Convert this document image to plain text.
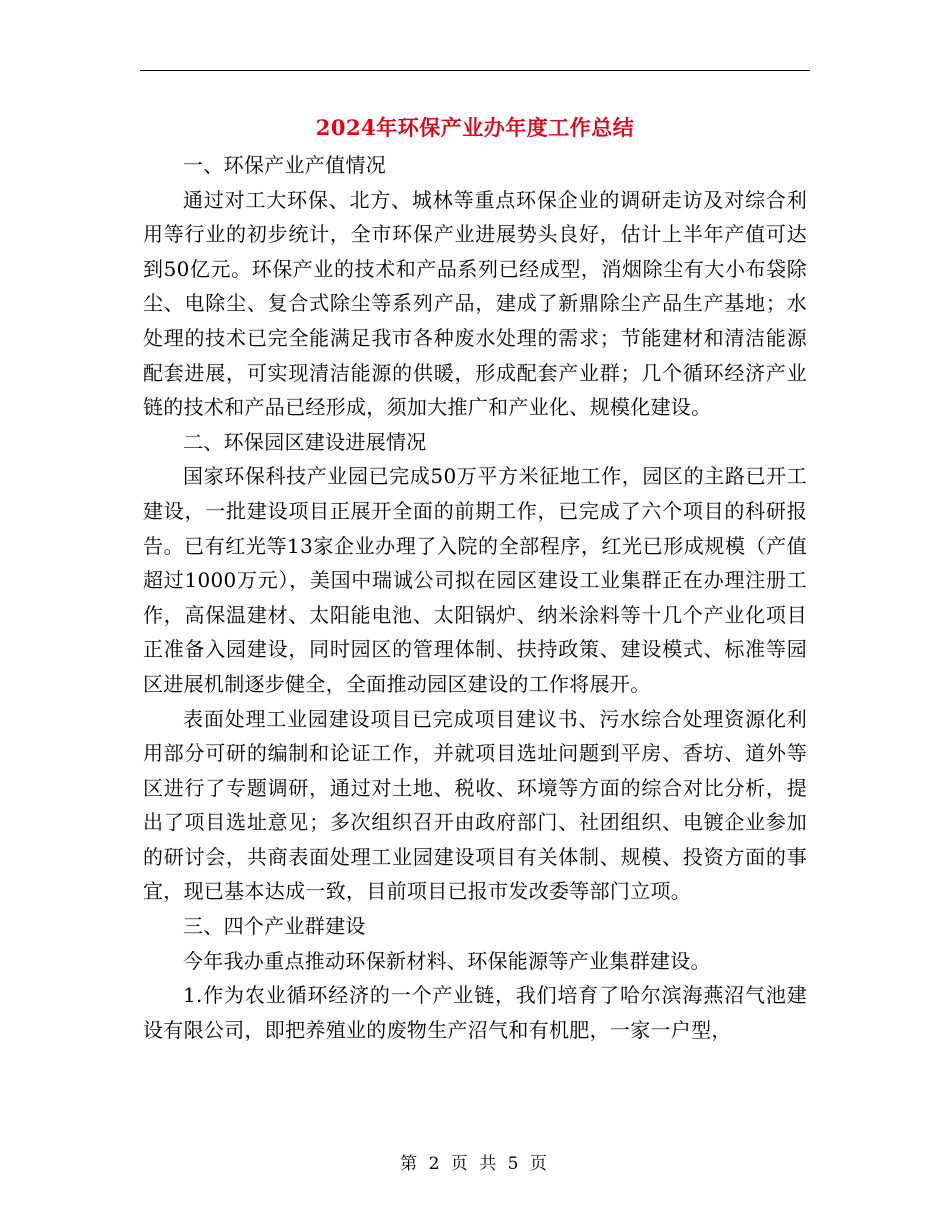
2024年环保产业办年度工作总结

一、环保产业产值情况

通过对工大环保、北方、城林等重点环保企业的调研走访及对综合利用等行业的初步统计，全市环保产业进展势头良好，估计上半年产值可达到50亿元。环保产业的技术和产品系列已经成型，消烟除尘有大小布袋除尘、电除尘、复合式除尘等系列产品，建成了新鼎除尘产品生产基地；水处理的技术已完全能满足我市各种废水处理的需求；节能建材和清洁能源配套进展，可实现清洁能源的供暖，形成配套产业群；几个循环经济产业链的技术和产品已经形成，须加大推广和产业化、规模化建设。

二、环保园区建设进展情况

国家环保科技产业园已完成50万平方米征地工作，园区的主路已开工建设，一批建设项目正展开全面的前期工作，已完成了六个项目的科研报告。已有红光等13家企业办理了入院的全部程序，红光已形成规模（产值超过1000万元），美国中瑞诚公司拟在园区建设工业集群正在办理注册工作，高保温建材、太阳能电池、太阳锅炉、纳米涂料等十几个产业化项目正准备入园建设，同时园区的管理体制、扶持政策、建设模式、标准等园区进展机制逐步健全，全面推动园区建设的工作将展开。

表面处理工业园建设项目已完成项目建议书、污水综合处理资源化利用部分可研的编制和论证工作，并就项目选址问题到平房、香坊、道外等区进行了专题调研，通过对土地、税收、环境等方面的综合对比分析，提出了项目选址意见；多次组织召开由政府部门、社团组织、电镀企业参加的研讨会，共商表面处理工业园建设项目有关体制、规模、投资方面的事宜，现已基本达成一致，目前项目已报市发改委等部门立项。

三、四个产业群建设

今年我办重点推动环保新材料、环保能源等产业集群建设。

1.作为农业循环经济的一个产业链，我们培育了哈尔滨海燕沼气池建设有限公司，即把养殖业的废物生产沼气和有机肥，一家一户型，

第 2 页 共 5 页
